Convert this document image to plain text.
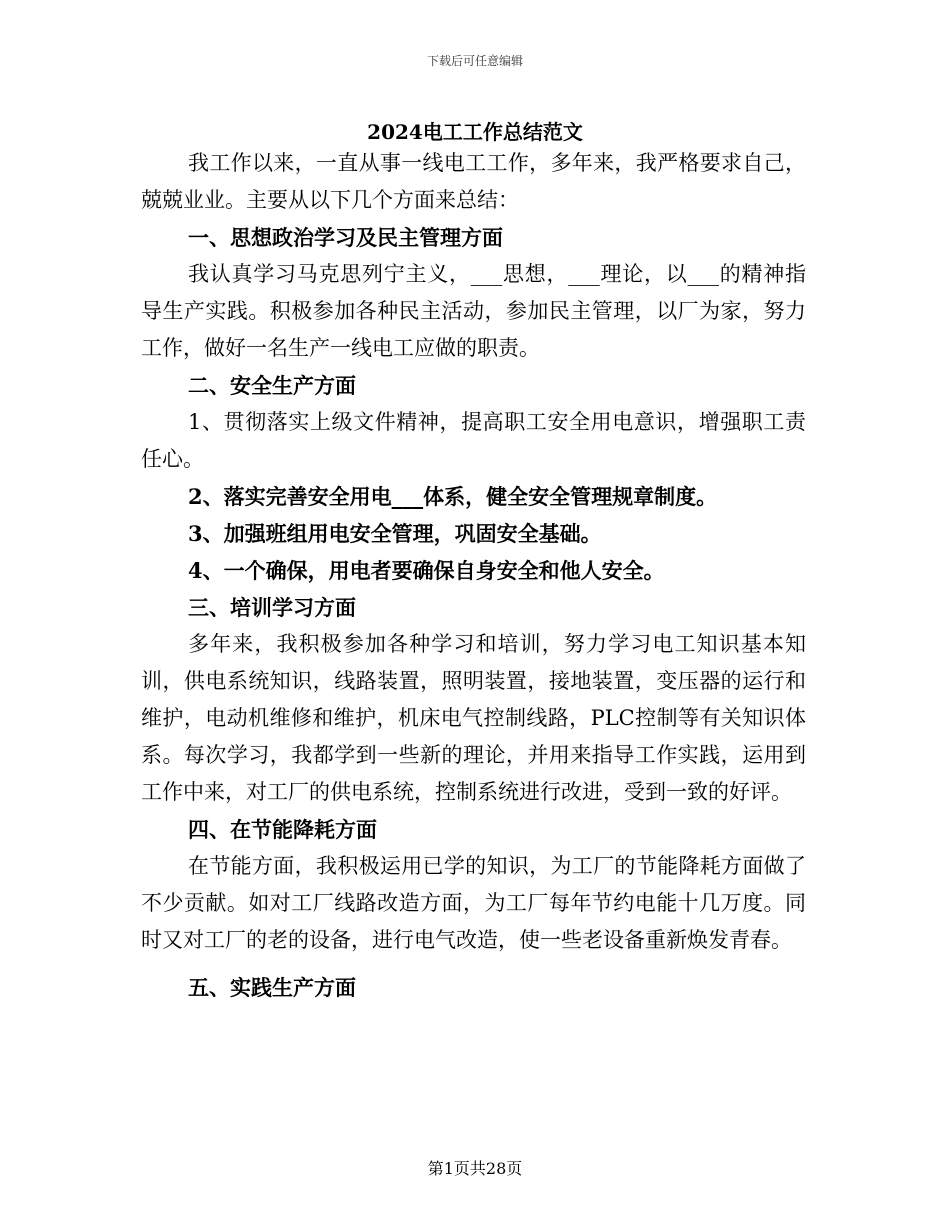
下载后可任意编辑
2024电工工作总结范文

我工作以来，一直从事一线电工工作，多年来，我严格要求自己，兢兢业业。主要从以下几个方面来总结：

一、思想政治学习及民主管理方面

我认真学习马克思列宁主义，___思想，___理论，以___的精神指导生产实践。积极参加各种民主活动，参加民主管理，以厂为家，努力工作，做好一名生产一线电工应做的职责。

二、安全生产方面

1、贯彻落实上级文件精神，提高职工安全用电意识，增强职工责任心。

2、落实完善安全用电___体系，健全安全管理规章制度。

3、加强班组用电安全管理，巩固安全基础。

4、一个确保，用电者要确保自身安全和他人安全。

三、培训学习方面

多年来，我积极参加各种学习和培训，努力学习电工知识基本知训，供电系统知识，线路装置，照明装置，接地装置，变压器的运行和维护，电动机维修和维护，机床电气控制线路，PLC控制等有关知识体系。每次学习，我都学到一些新的理论，并用来指导工作实践，运用到工作中来，对工厂的供电系统，控制系统进行改进，受到一致的好评。

四、在节能降耗方面

在节能方面，我积极运用已学的知识，为工厂的节能降耗方面做了不少贡献。如对工厂线路改造方面，为工厂每年节约电能十几万度。同时又对工厂的老的设备，进行电气改造，使一些老设备重新焕发青春。

五、实践生产方面

第1页共28页
